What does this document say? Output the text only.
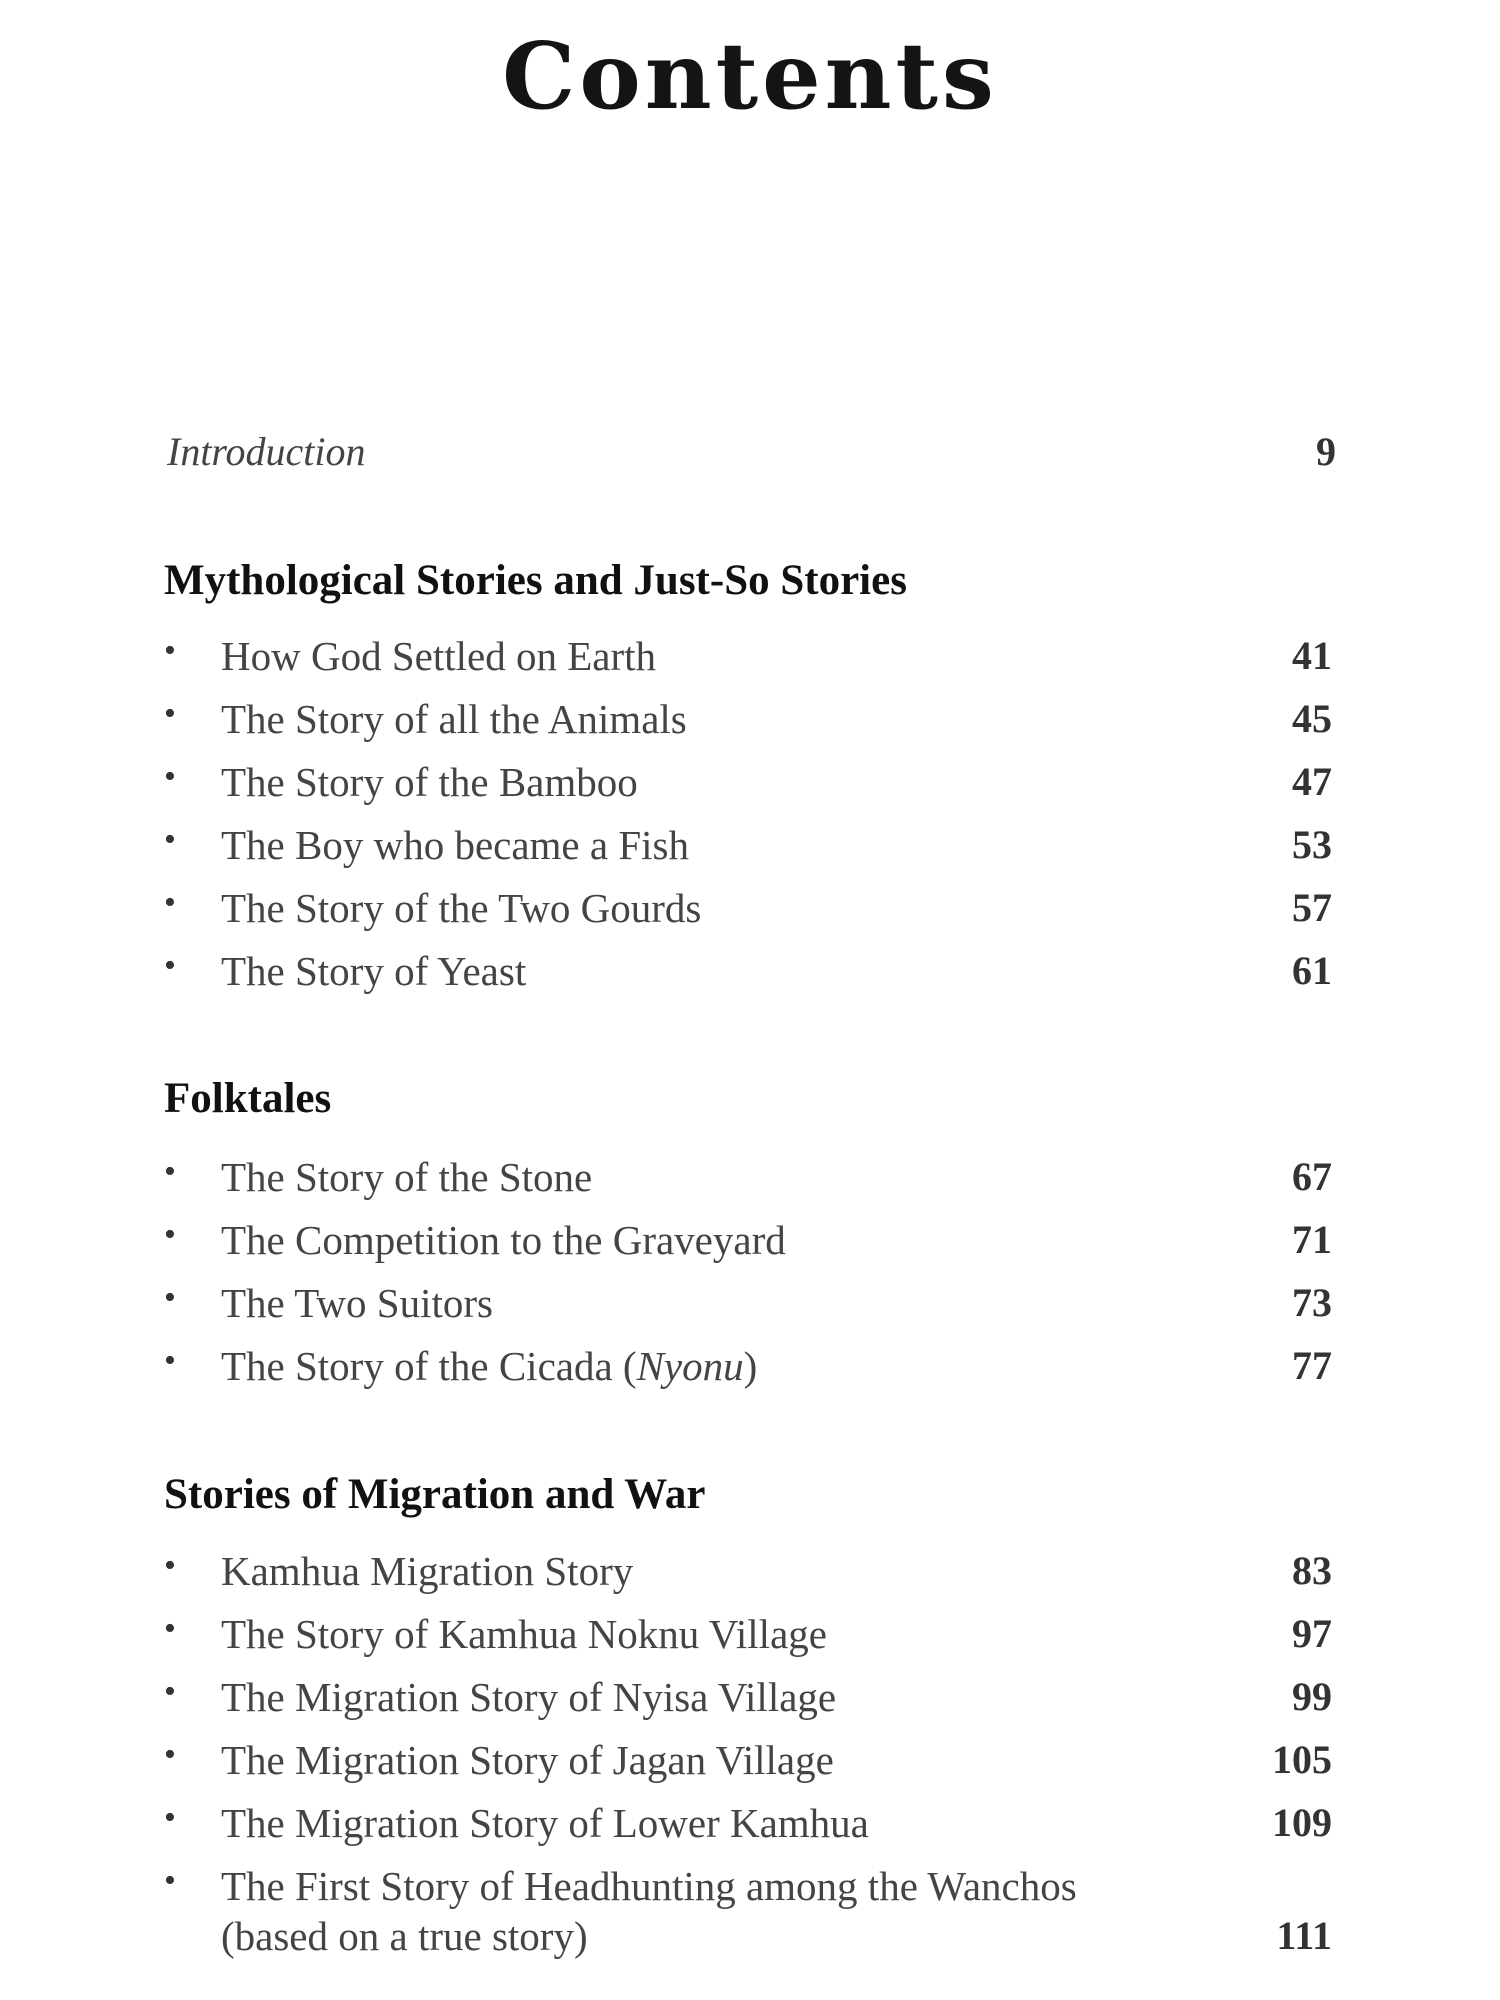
Contents
Introduction	9
Mythological Stories and Just-So Stories
• How God Settled on Earth	41
• The Story of all the Animals	45
• The Story of the Bamboo	47
• The Boy who became a Fish	53
• The Story of the Two Gourds	57
• The Story of Yeast	61
Folktales
• The Story of the Stone	67
• The Competition to the Graveyard	71
• The Two Suitors	73
• The Story of the Cicada (Nyonu)	77
Stories of Migration and War
• Kamhua Migration Story	83
• The Story of Kamhua Noknu Village	97
• The Migration Story of Nyisa Village	99
• The Migration Story of Jagan Village	105
• The Migration Story of Lower Kamhua	109
• The First Story of Headhunting among the Wanchos
(based on a true story)	111
